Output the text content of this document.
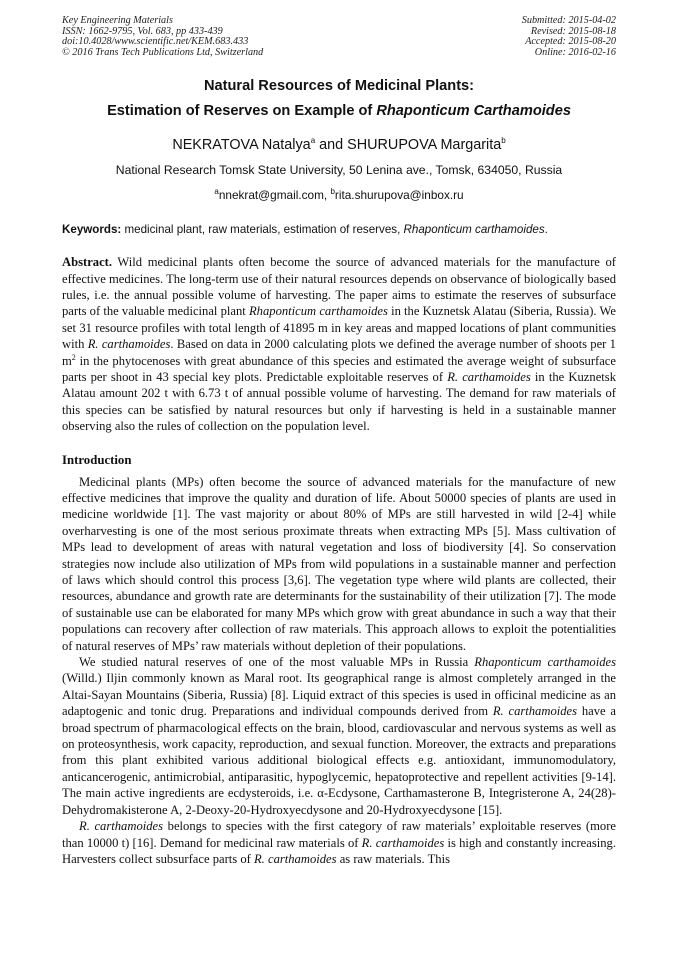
Key Engineering Materials
ISSN: 1662-9795, Vol. 683, pp 433-439
doi:10.4028/www.scientific.net/KEM.683.433
© 2016 Trans Tech Publications Ltd, Switzerland
Submitted: 2015-04-02
Revised: 2015-08-18
Accepted: 2015-08-20
Online: 2016-02-16
Natural Resources of Medicinal Plants:
Estimation of Reserves on Example of Rhaponticum Carthamoides
NEKRATOVA Natalya$^a$ and SHURUPOVA Margarita$^b$
National Research Tomsk State University, 50 Lenina ave., Tomsk, 634050, Russia
$^a$nnekrat@gmail.com, $^b$rita.shurupova@inbox.ru
Keywords: medicinal plant, raw materials, estimation of reserves, Rhaponticum carthamoides.
Abstract. Wild medicinal plants often become the source of advanced materials for the manufacture of effective medicines. The long-term use of their natural resources depends on observance of biologically based rules, i.e. the annual possible volume of harvesting. The paper aims to estimate the reserves of subsurface parts of the valuable medicinal plant Rhaponticum carthamoides in the Kuznetsk Alatau (Siberia, Russia). We set 31 resource profiles with total length of 41895 m in key areas and mapped locations of plant communities with R. carthamoides. Based on data in 2000 calculating plots we defined the average number of shoots per 1 $m^2$ in the phytocenoses with great abundance of this species and estimated the average weight of subsurface parts per shoot in 43 special key plots. Predictable exploitable reserves of R. carthamoides in the Kuznetsk Alatau amount 202 t with 6.73 t of annual possible volume of harvesting. The demand for raw materials of this species can be satisfied by natural resources but only if harvesting is held in a sustainable manner observing also the rules of collection on the population level.
Introduction
Medicinal plants (MPs) often become the source of advanced materials for the manufacture of new effective medicines that improve the quality and duration of life. About 50000 species of plants are used in medicine worldwide [1]. The vast majority or about 80% of MPs are still harvested in wild [2-4] while overharvesting is one of the most serious proximate threats when extracting MPs [5]. Mass cultivation of MPs lead to development of areas with natural vegetation and loss of biodiversity [4]. So conservation strategies now include also utilization of MPs from wild populations in a sustainable manner and perfection of laws which should control this process [3,6]. The vegetation type where wild plants are collected, their resources, abundance and growth rate are determinants for the sustainability of their utilization [7]. The mode of sustainable use can be elaborated for many MPs which grow with great abundance in such a way that their populations can recovery after collection of raw materials. This approach allows to exploit the potentialities of natural reserves of MPs’ raw materials without depletion of their populations.
We studied natural reserves of one of the most valuable MPs in Russia Rhaponticum carthamoides (Willd.) Iljin commonly known as Maral root. Its geographical range is almost completely arranged in the Altai-Sayan Mountains (Siberia, Russia) [8]. Liquid extract of this species is used in officinal medicine as an adaptogenic and tonic drug. Preparations and individual compounds derived from R. carthamoides have a broad spectrum of pharmacological effects on the brain, blood, cardiovascular and nervous systems as well as on proteosynthesis, work capacity, reproduction, and sexual function. Moreover, the extracts and preparations from this plant exhibited various additional biological effects e.g. antioxidant, immunomodulatory, anticancerogenic, antimicrobial, antiparasitic, hypoglycemic, hepatoprotective and repellent activities [9-14]. The main active ingredients are ecdysteroids, i.e. α-Ecdysone, Carthamasterone B, Integristerone A, 24(28)-Dehydromakisterone A, 2-Deoxy-20-Hydroxyecdysone and 20-Hydroxyecdysone [15].
R. carthamoides belongs to species with the first category of raw materials’ exploitable reserves (more than 10000 t) [16]. Demand for medicinal raw materials of R. carthamoides is high and constantly increasing. Harvesters collect subsurface parts of R. carthamoides as raw materials. This
